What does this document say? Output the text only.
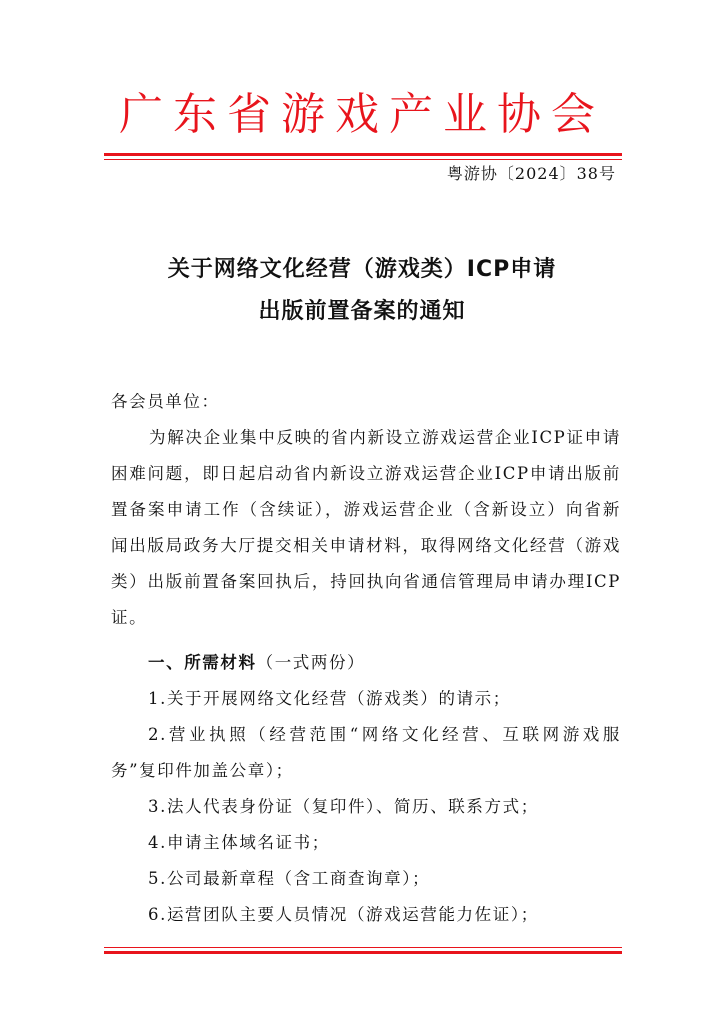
广东省游戏产业协会
粤游协〔2024〕38号
关于网络文化经营（游戏类）ICP申请
出版前置备案的通知
各会员单位：
为解决企业集中反映的省内新设立游戏运营企业ICP证申请困难问题，即日起启动省内新设立游戏运营企业ICP申请出版前置备案申请工作（含续证），游戏运营企业（含新设立）向省新闻出版局政务大厅提交相关申请材料，取得网络文化经营（游戏类）出版前置备案回执后，持回执向省通信管理局申请办理ICP证。
一、所需材料（一式两份）
1.关于开展网络文化经营（游戏类）的请示；
2.营业执照（经营范围“网络文化经营、互联网游戏服务”复印件加盖公章）；
3.法人代表身份证（复印件）、简历、联系方式；
4.申请主体域名证书；
5.公司最新章程（含工商查询章）；
6.运营团队主要人员情况（游戏运营能力佐证）；
